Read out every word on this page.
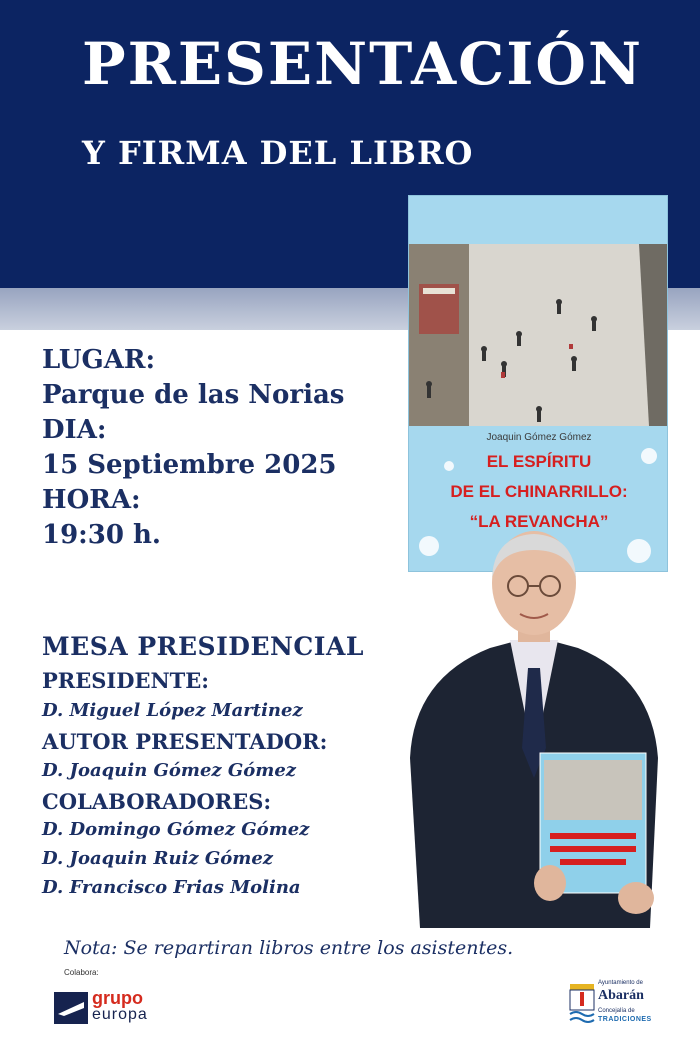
PRESENTACIÓN
Y FIRMA DEL LIBRO
LUGAR:
Parque de las Norias
DIA:
15 Septiembre 2025
HORA:
19:30 h.
Joaquin Gómez Gómez
EL ESPÍRITU
DE EL CHINARRILLO:
“LA REVANCHA”
MESA PRESIDENCIAL
PRESIDENTE:
D. Miguel López Martinez
AUTOR PRESENTADOR:
D. Joaquin Gómez Gómez
COLABORADORES:
D. Domingo Gómez Gómez
D. Joaquin Ruiz Gómez
D. Francisco Frias Molina
Nota: Se repartiran libros entre los asistentes.
Colabora:
grupo
europa
Ayuntamiento de
Abarán
Concejalía de
TRADICIONES
